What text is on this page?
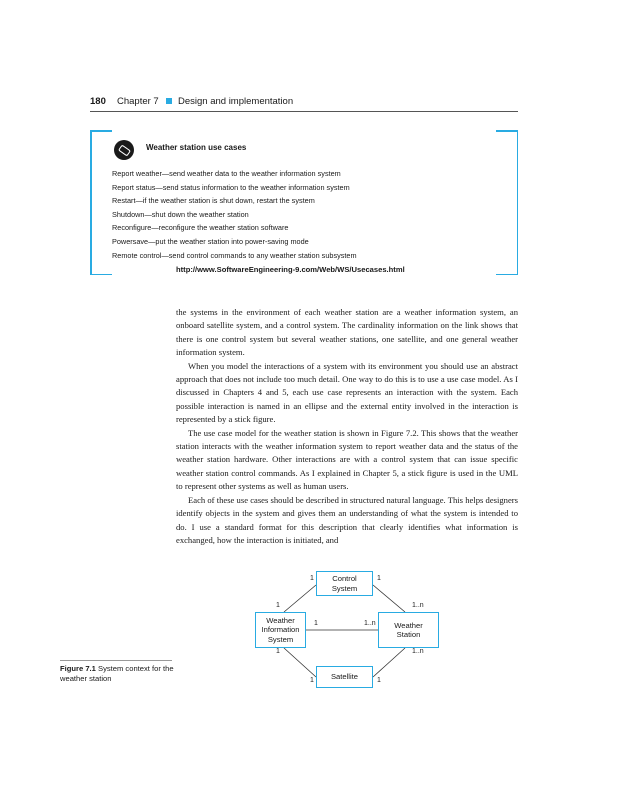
180 Chapter 7 Design and implementation
Weather station use cases
Report weather—send weather data to the weather information system
Report status—send status information to the weather information system
Restart—if the weather station is shut down, restart the system
Shutdown—shut down the weather station
Reconfigure—reconfigure the weather station software
Powersave—put the weather station into power-saving mode
Remote control—send control commands to any weather station subsystem
http://www.SoftwareEngineering-9.com/Web/WS/Usecases.html

the systems in the environment of each weather station are a weather information system, an onboard satellite system, and a control system. The cardinality information on the link shows that there is one control system but several weather stations, one satellite, and one general weather information system.

When you model the interactions of a system with its environment you should use an abstract approach that does not include too much detail. One way to do this is to use a use case model. As I discussed in Chapters 4 and 5, each use case represents an interaction with the system. Each possible interaction is named in an ellipse and the external entity involved in the interaction is represented by a stick figure.

The use case model for the weather station is shown in Figure 7.2. This shows that the weather station interacts with the weather information system to report weather data and the status of the weather station hardware. Other interactions are with a control system that can issue specific weather station control commands. As I explained in Chapter 5, a stick figure is used in the UML to represent other systems as well as human users.

Each of these use cases should be described in structured natural language. This helps designers identify objects in the system and gives them an understanding of what the system is intended to do. I use a standard format for this description that clearly identifies what information is exchanged, how the interaction is initiated, and

Control
System
Weather
Information
System
Weather
Station
Satellite
1	1
1	1..n
1	1..n
1	1..n
1	1
Figure 7.1 System context for the weather station
